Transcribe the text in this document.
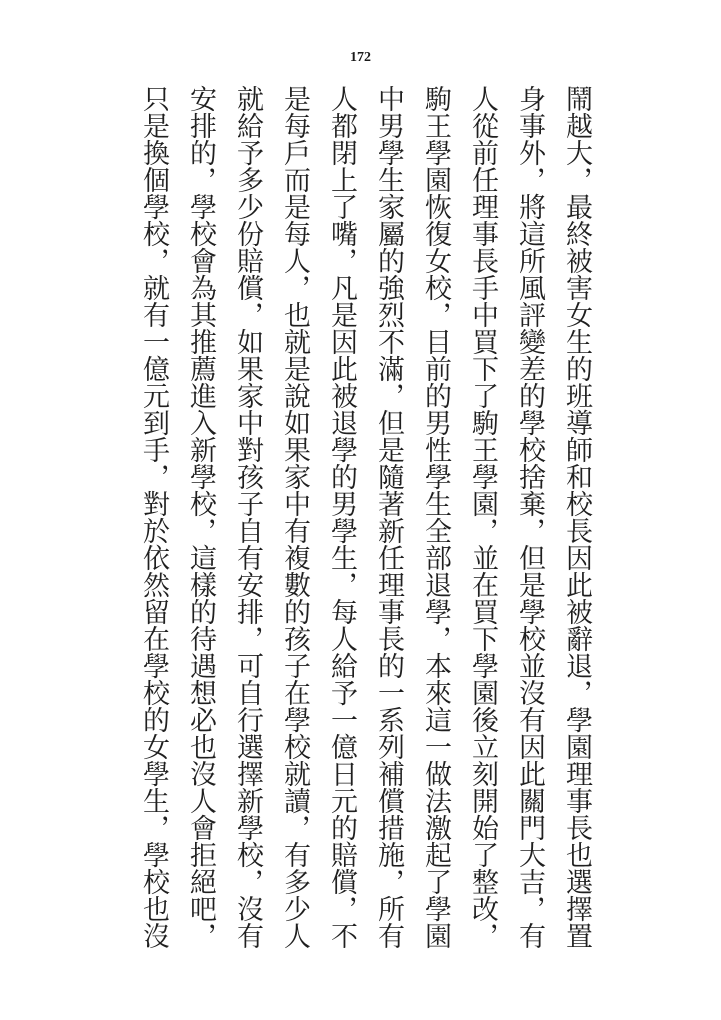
172

鬧越大，最終被害女生的班導師和校長因此被辭退，學園理事長也選擇置

身事外，將這所風評變差的學校捨棄，但是學校並沒有因此關門大吉，有

人從前任理事長手中買下了駒王學園，並在買下學園後立刻開始了整改，

駒王學園恢復女校，目前的男性學生全部退學，本來這一做法激起了學園

中男學生家屬的強烈不滿，但是隨著新任理事長的一系列補償措施，所有

人都閉上了嘴，凡是因此被退學的男學生，每人給予一億日元的賠償，不

是每戶而是每人，也就是說如果家中有複數的孩子在學校就讀，有多少人

就給予多少份賠償，如果家中對孩子自有安排，可自行選擇新學校，沒有

安排的，學校會為其推薦進入新學校，這樣的待遇想必也沒人會拒絕吧，

只是換個學校，就有一億元到手，對於依然留在學校的女學生，學校也沒
